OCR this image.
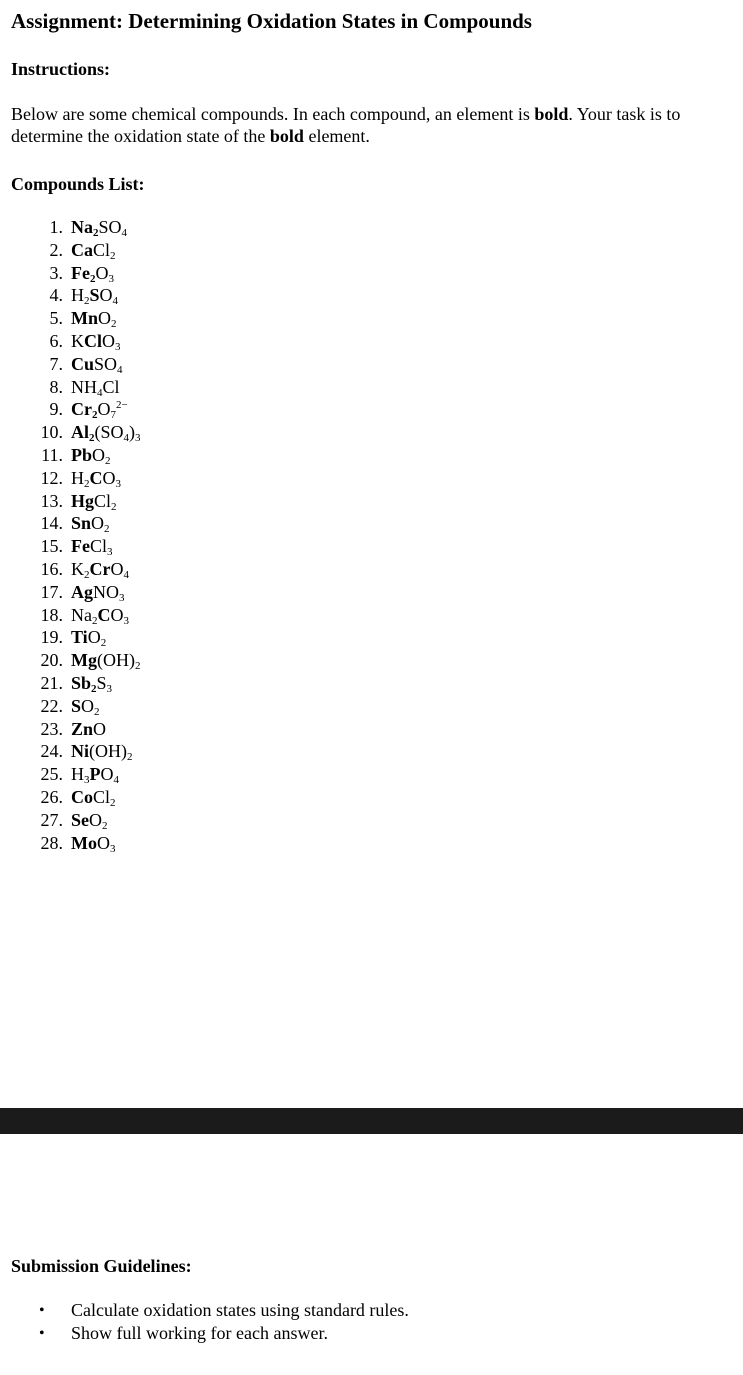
Assignment: Determining Oxidation States in Compounds
Instructions:

Below are some chemical compounds. In each compound, an element is bold. Your task is to
determine the oxidation state of the bold element.

Compounds List:
1. Na2SO4
2. CaCl2
3. Fe2O3
4. H2SO4
5. MnO2
6. KClO3
7. CuSO4
8. NH4Cl
9. $Cr2O7^{2-}$
10. Al2(SO4)3
11. PbO2
12. H2CO3
13. HgCl2
14. SnO2
15. FeCl3
16. K2CrO4
17. AgNO3
18. Na2CO3
19. TiO2
20. Mg(OH)2
21. Sb2S3
22. SO2
23. ZnO
24. Ni(OH)2
25. H3PO4
26. CoCl2
27. SeO2
28. MoO3
Submission Guidelines:
• Calculate oxidation states using standard rules.
• Show full working for each answer.
